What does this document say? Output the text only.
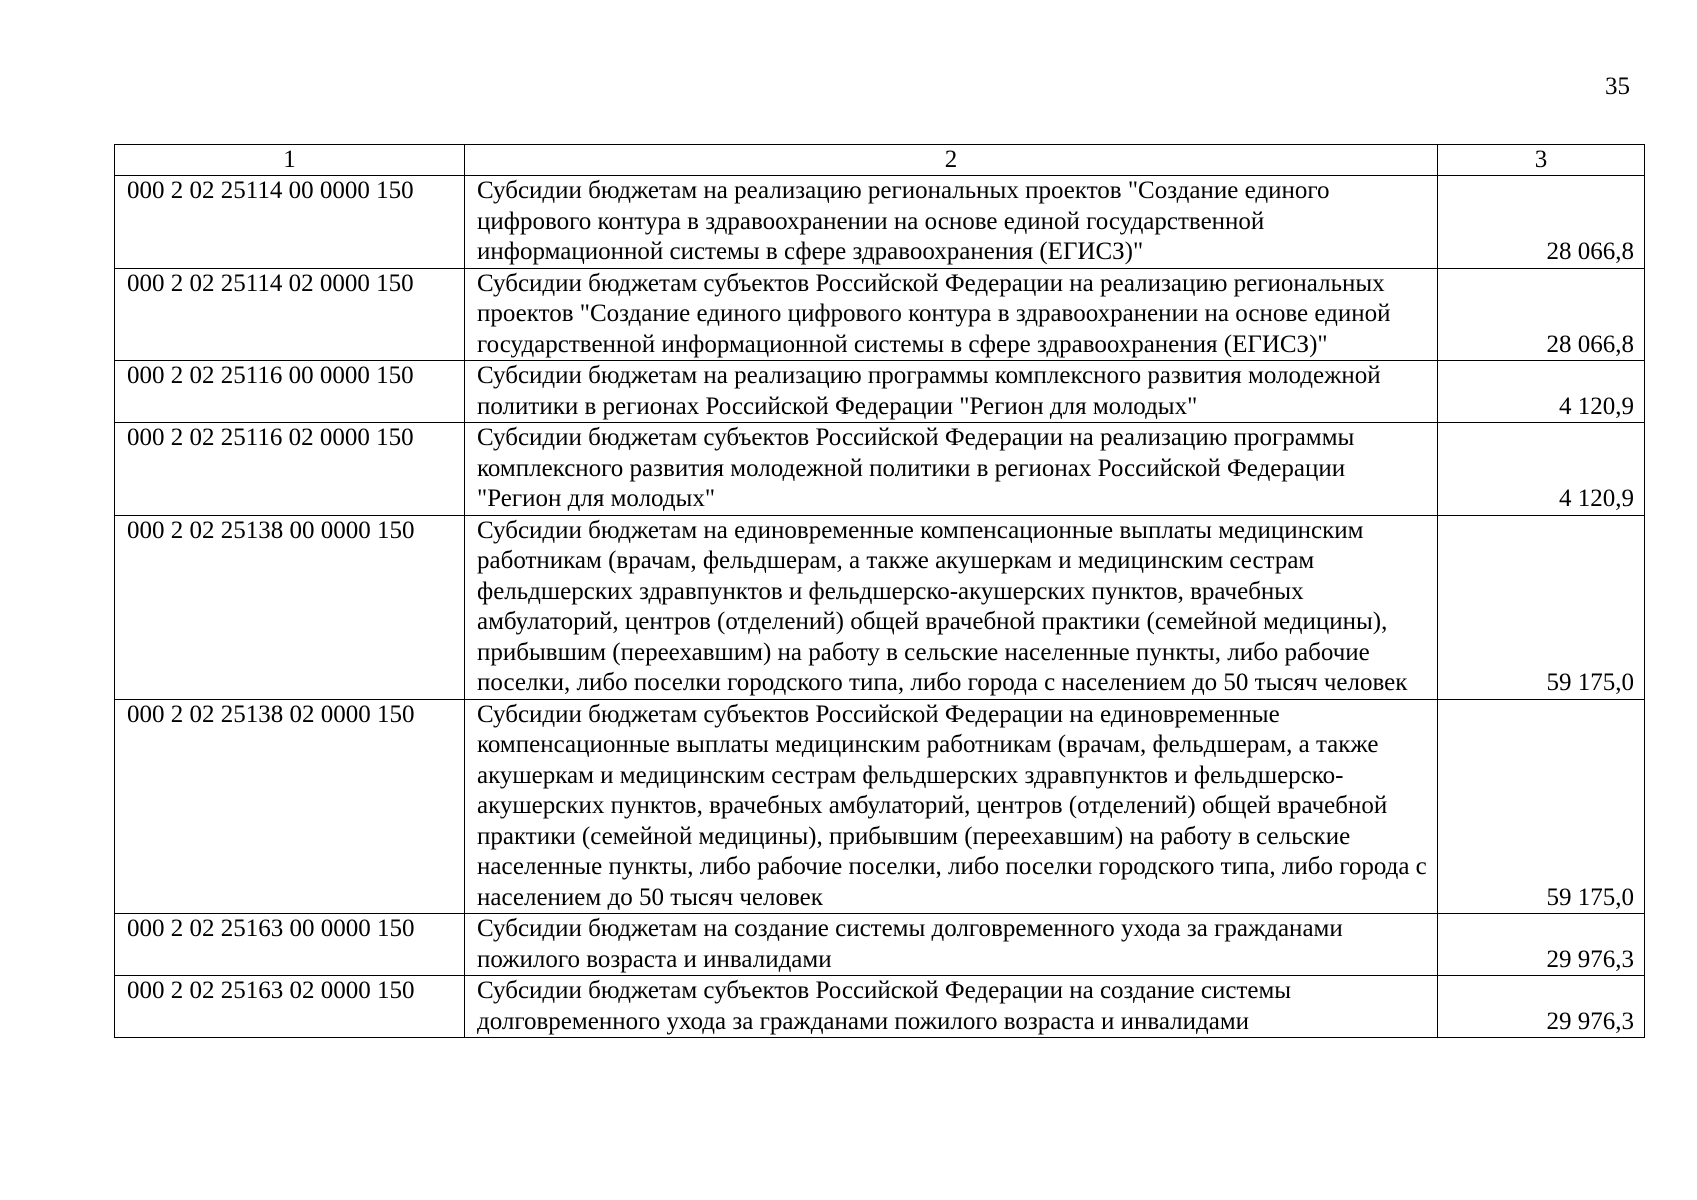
35
1	2	3
000 2 02 25114 00 0000 150	Субсидии бюджетам на реализацию региональных проектов "Создание единого цифрового контура в здравоохранении на основе единой государственной информационной системы в сфере здравоохранения (ЕГИСЗ)"	28 066,8
000 2 02 25114 02 0000 150	Субсидии бюджетам субъектов Российской Федерации на реализацию региональных проектов "Создание единого цифрового контура в здравоохранении на основе единой государственной информационной системы в сфере здравоохранения (ЕГИСЗ)"	28 066,8
000 2 02 25116 00 0000 150	Субсидии бюджетам на реализацию программы комплексного развития молодежной политики в регионах Российской Федерации "Регион для молодых"	4 120,9
000 2 02 25116 02 0000 150	Субсидии бюджетам субъектов Российской Федерации на реализацию программы комплексного развития молодежной политики в регионах Российской Федерации "Регион для молодых"	4 120,9
000 2 02 25138 00 0000 150	Субсидии бюджетам на единовременные компенсационные выплаты медицинским работникам (врачам, фельдшерам, а также акушеркам и медицинским сестрам фельдшерских здравпунктов и фельдшерско-акушерских пунктов, врачебных амбулаторий, центров (отделений) общей врачебной практики (семейной медицины), прибывшим (переехавшим) на работу в сельские населенные пункты, либо рабочие поселки, либо поселки городского типа, либо города с населением до 50 тысяч человек	59 175,0
000 2 02 25138 02 0000 150	Субсидии бюджетам субъектов Российской Федерации на единовременные компенсационные выплаты медицинским работникам (врачам, фельдшерам, а также акушеркам и медицинским сестрам фельдшерских здравпунктов и фельдшерско-акушерских пунктов, врачебных амбулаторий, центров (отделений) общей врачебной практики (семейной медицины), прибывшим (переехавшим) на работу в сельские населенные пункты, либо рабочие поселки, либо поселки городского типа, либо города с населением до 50 тысяч человек	59 175,0
000 2 02 25163 00 0000 150	Субсидии бюджетам на создание системы долговременного ухода за гражданами пожилого возраста и инвалидами	29 976,3
000 2 02 25163 02 0000 150	Субсидии бюджетам субъектов Российской Федерации на создание системы долговременного ухода за гражданами пожилого возраста и инвалидами	29 976,3
